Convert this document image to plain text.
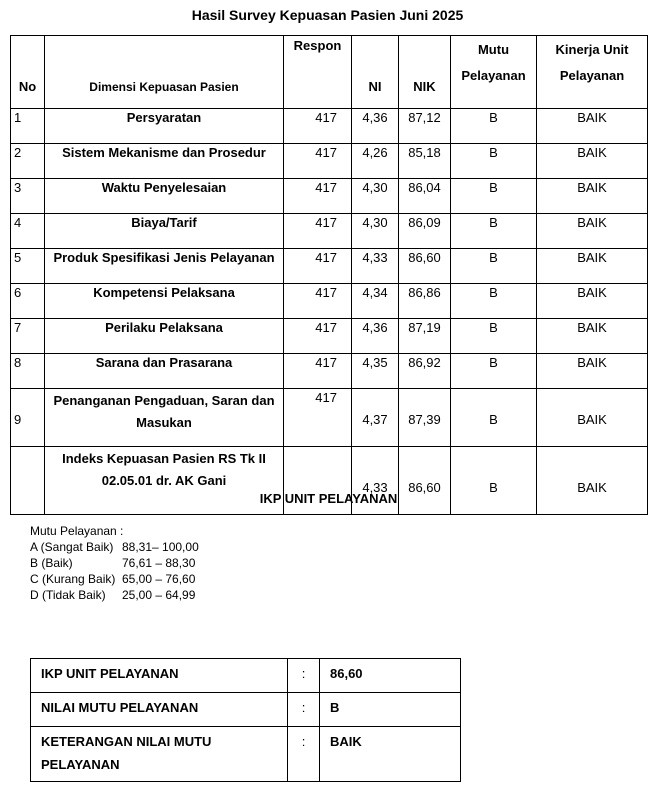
Hasil Survey Kepuasan Pasien Juni 2025
No	Dimensi Kepuasan Pasien	Respon	NI	NIK	Mutu Pelayanan	Kinerja Unit Pelayanan
1	Persyaratan	417	4,36	87,12	B	BAIK
2	Sistem Mekanisme dan Prosedur	417	4,26	85,18	B	BAIK
3	Waktu Penyelesaian	417	4,30	86,04	B	BAIK
4	Biaya/Tarif	417	4,30	86,09	B	BAIK
5	Produk Spesifikasi Jenis Pelayanan	417	4,33	86,60	B	BAIK
6	Kompetensi Pelaksana	417	4,34	86,86	B	BAIK
7	Perilaku Pelaksana	417	4,36	87,19	B	BAIK
8	Sarana dan Prasarana	417	4,35	86,92	B	BAIK
9	Penanganan Pengaduan, Saran dan Masukan	417	4,37	87,39	B	BAIK
	Indeks Kepuasan Pasien RS Tk II 02.05.01 dr. AK Gani		4,33	86,60	B	BAIK
IKP UNIT PELAYANAN
Mutu Pelayanan :
A (Sangat Baik) 88,31– 100,00
B (Baik)	76,61 – 88,30
C (Kurang Baik) 65,00 – 76,60
D (Tidak Baik) 25,00 – 64,99
IKP UNIT PELAYANAN	:	86,60
NILAI MUTU PELAYANAN	:	B
KETERANGAN NILAI MUTU PELAYANAN	:	BAIK
